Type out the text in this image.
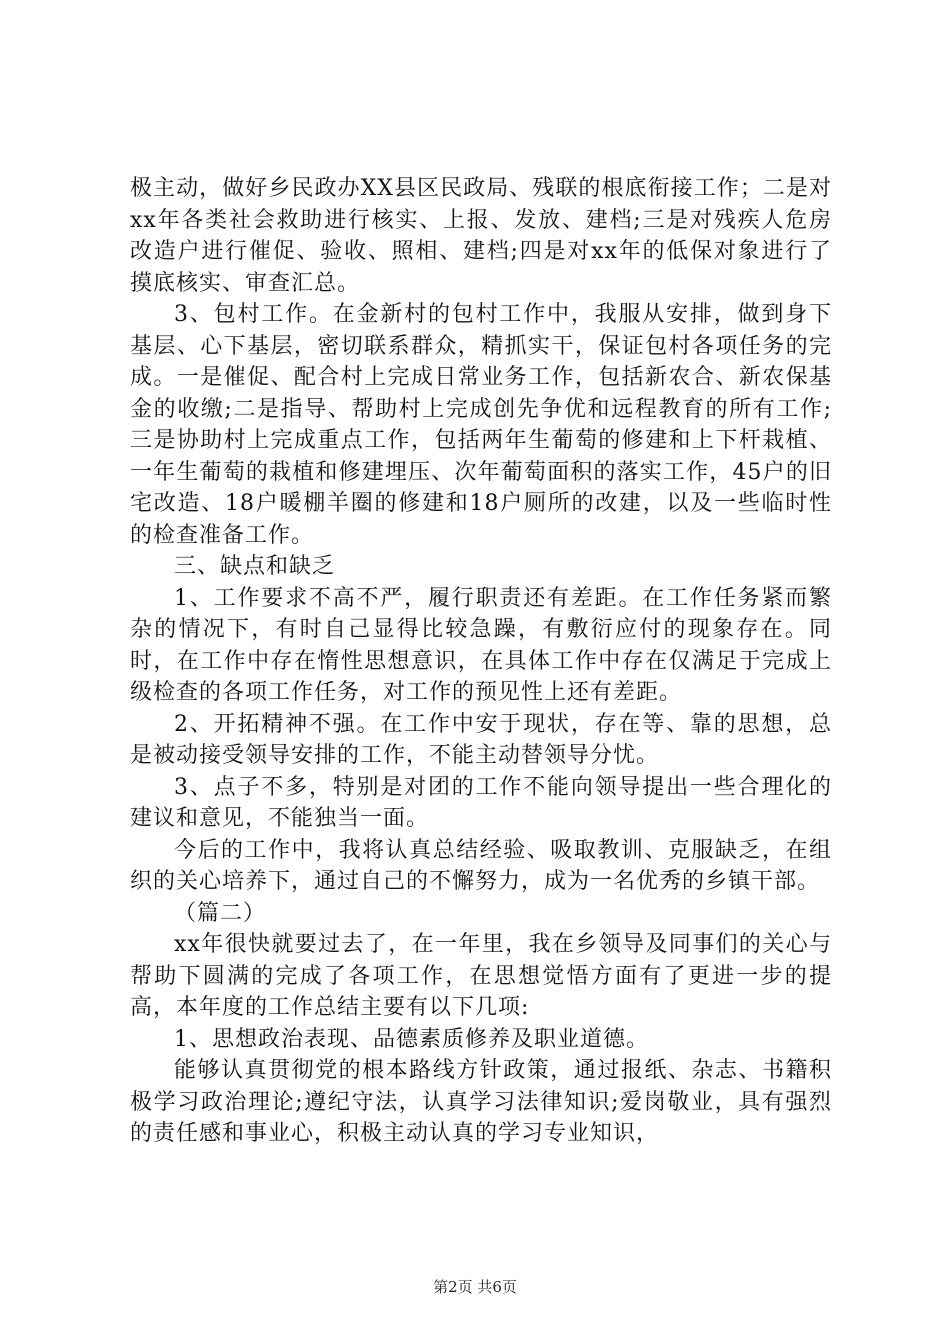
极主动，做好乡民政办XX县区民政局、残联的根底衔接工作；二是对xx年各类社会救助进行核实、上报、发放、建档;三是对残疾人危房改造户进行催促、验收、照相、建档;四是对xx年的低保对象进行了摸底核实、审查汇总。

3、包村工作。在金新村的包村工作中，我服从安排，做到身下基层、心下基层，密切联系群众，精抓实干，保证包村各项任务的完成。一是催促、配合村上完成日常业务工作，包括新农合、新农保基金的收缴;二是指导、帮助村上完成创先争优和远程教育的所有工作;三是协助村上完成重点工作，包括两年生葡萄的修建和上下杆栽植、一年生葡萄的栽植和修建埋压、次年葡萄面积的落实工作，45户的旧宅改造、18户暖棚羊圈的修建和18户厕所的改建，以及一些临时性的检查准备工作。

三、缺点和缺乏

1、工作要求不高不严，履行职责还有差距。在工作任务紧而繁杂的情况下，有时自己显得比较急躁，有敷衍应付的现象存在。同时，在工作中存在惰性思想意识，在具体工作中存在仅满足于完成上级检查的各项工作任务，对工作的预见性上还有差距。

2、开拓精神不强。在工作中安于现状，存在等、靠的思想，总是被动接受领导安排的工作，不能主动替领导分忧。

3、点子不多，特别是对团的工作不能向领导提出一些合理化的建议和意见，不能独当一面。

今后的工作中，我将认真总结经验、吸取教训、克服缺乏，在组织的关心培养下，通过自己的不懈努力，成为一名优秀的乡镇干部。

（篇二）

xx年很快就要过去了，在一年里，我在乡领导及同事们的关心与帮助下圆满的完成了各项工作，在思想觉悟方面有了更进一步的提高，本年度的工作总结主要有以下几项:

1、思想政治表现、品德素质修养及职业道德。

能够认真贯彻党的根本路线方针政策，通过报纸、杂志、书籍积极学习政治理论;遵纪守法，认真学习法律知识;爱岗敬业，具有强烈的责任感和事业心，积极主动认真的学习专业知识，

第2页 共6页
